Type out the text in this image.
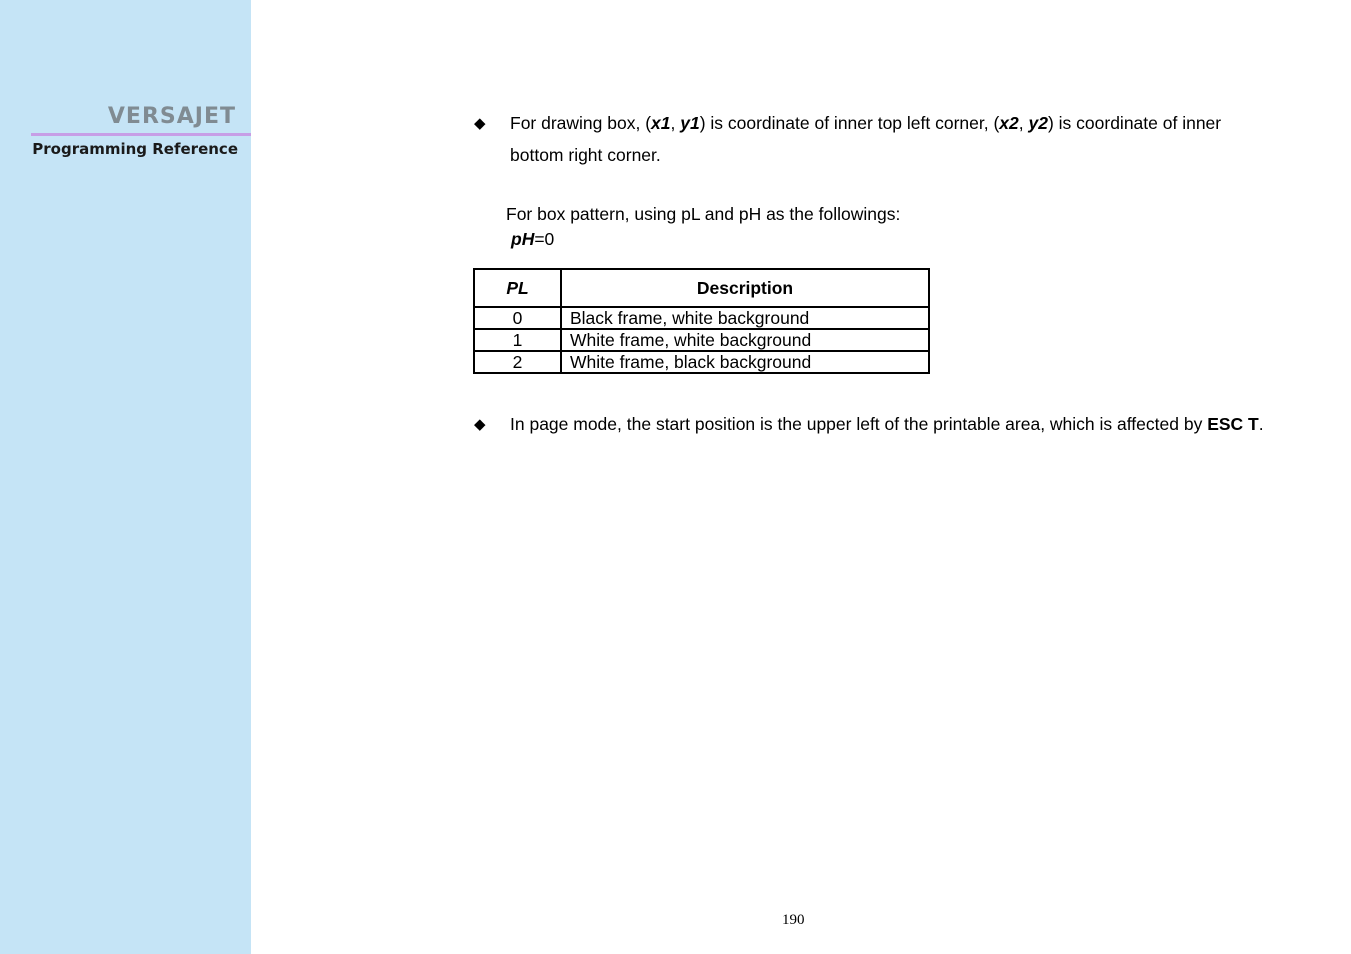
VERSAJET
Programming Reference
◆ For drawing box, (x1, y1) is coordinate of inner top left corner, (x2, y2) is coordinate of inner bottom right corner.
For box pattern, using pL and pH as the followings:
pH=0
PL	Description
0	Black frame, white background
1	White frame, white background
2	White frame, black background
◆ In page mode, the start position is the upper left of the printable area, which is affected by ESC T.
190
